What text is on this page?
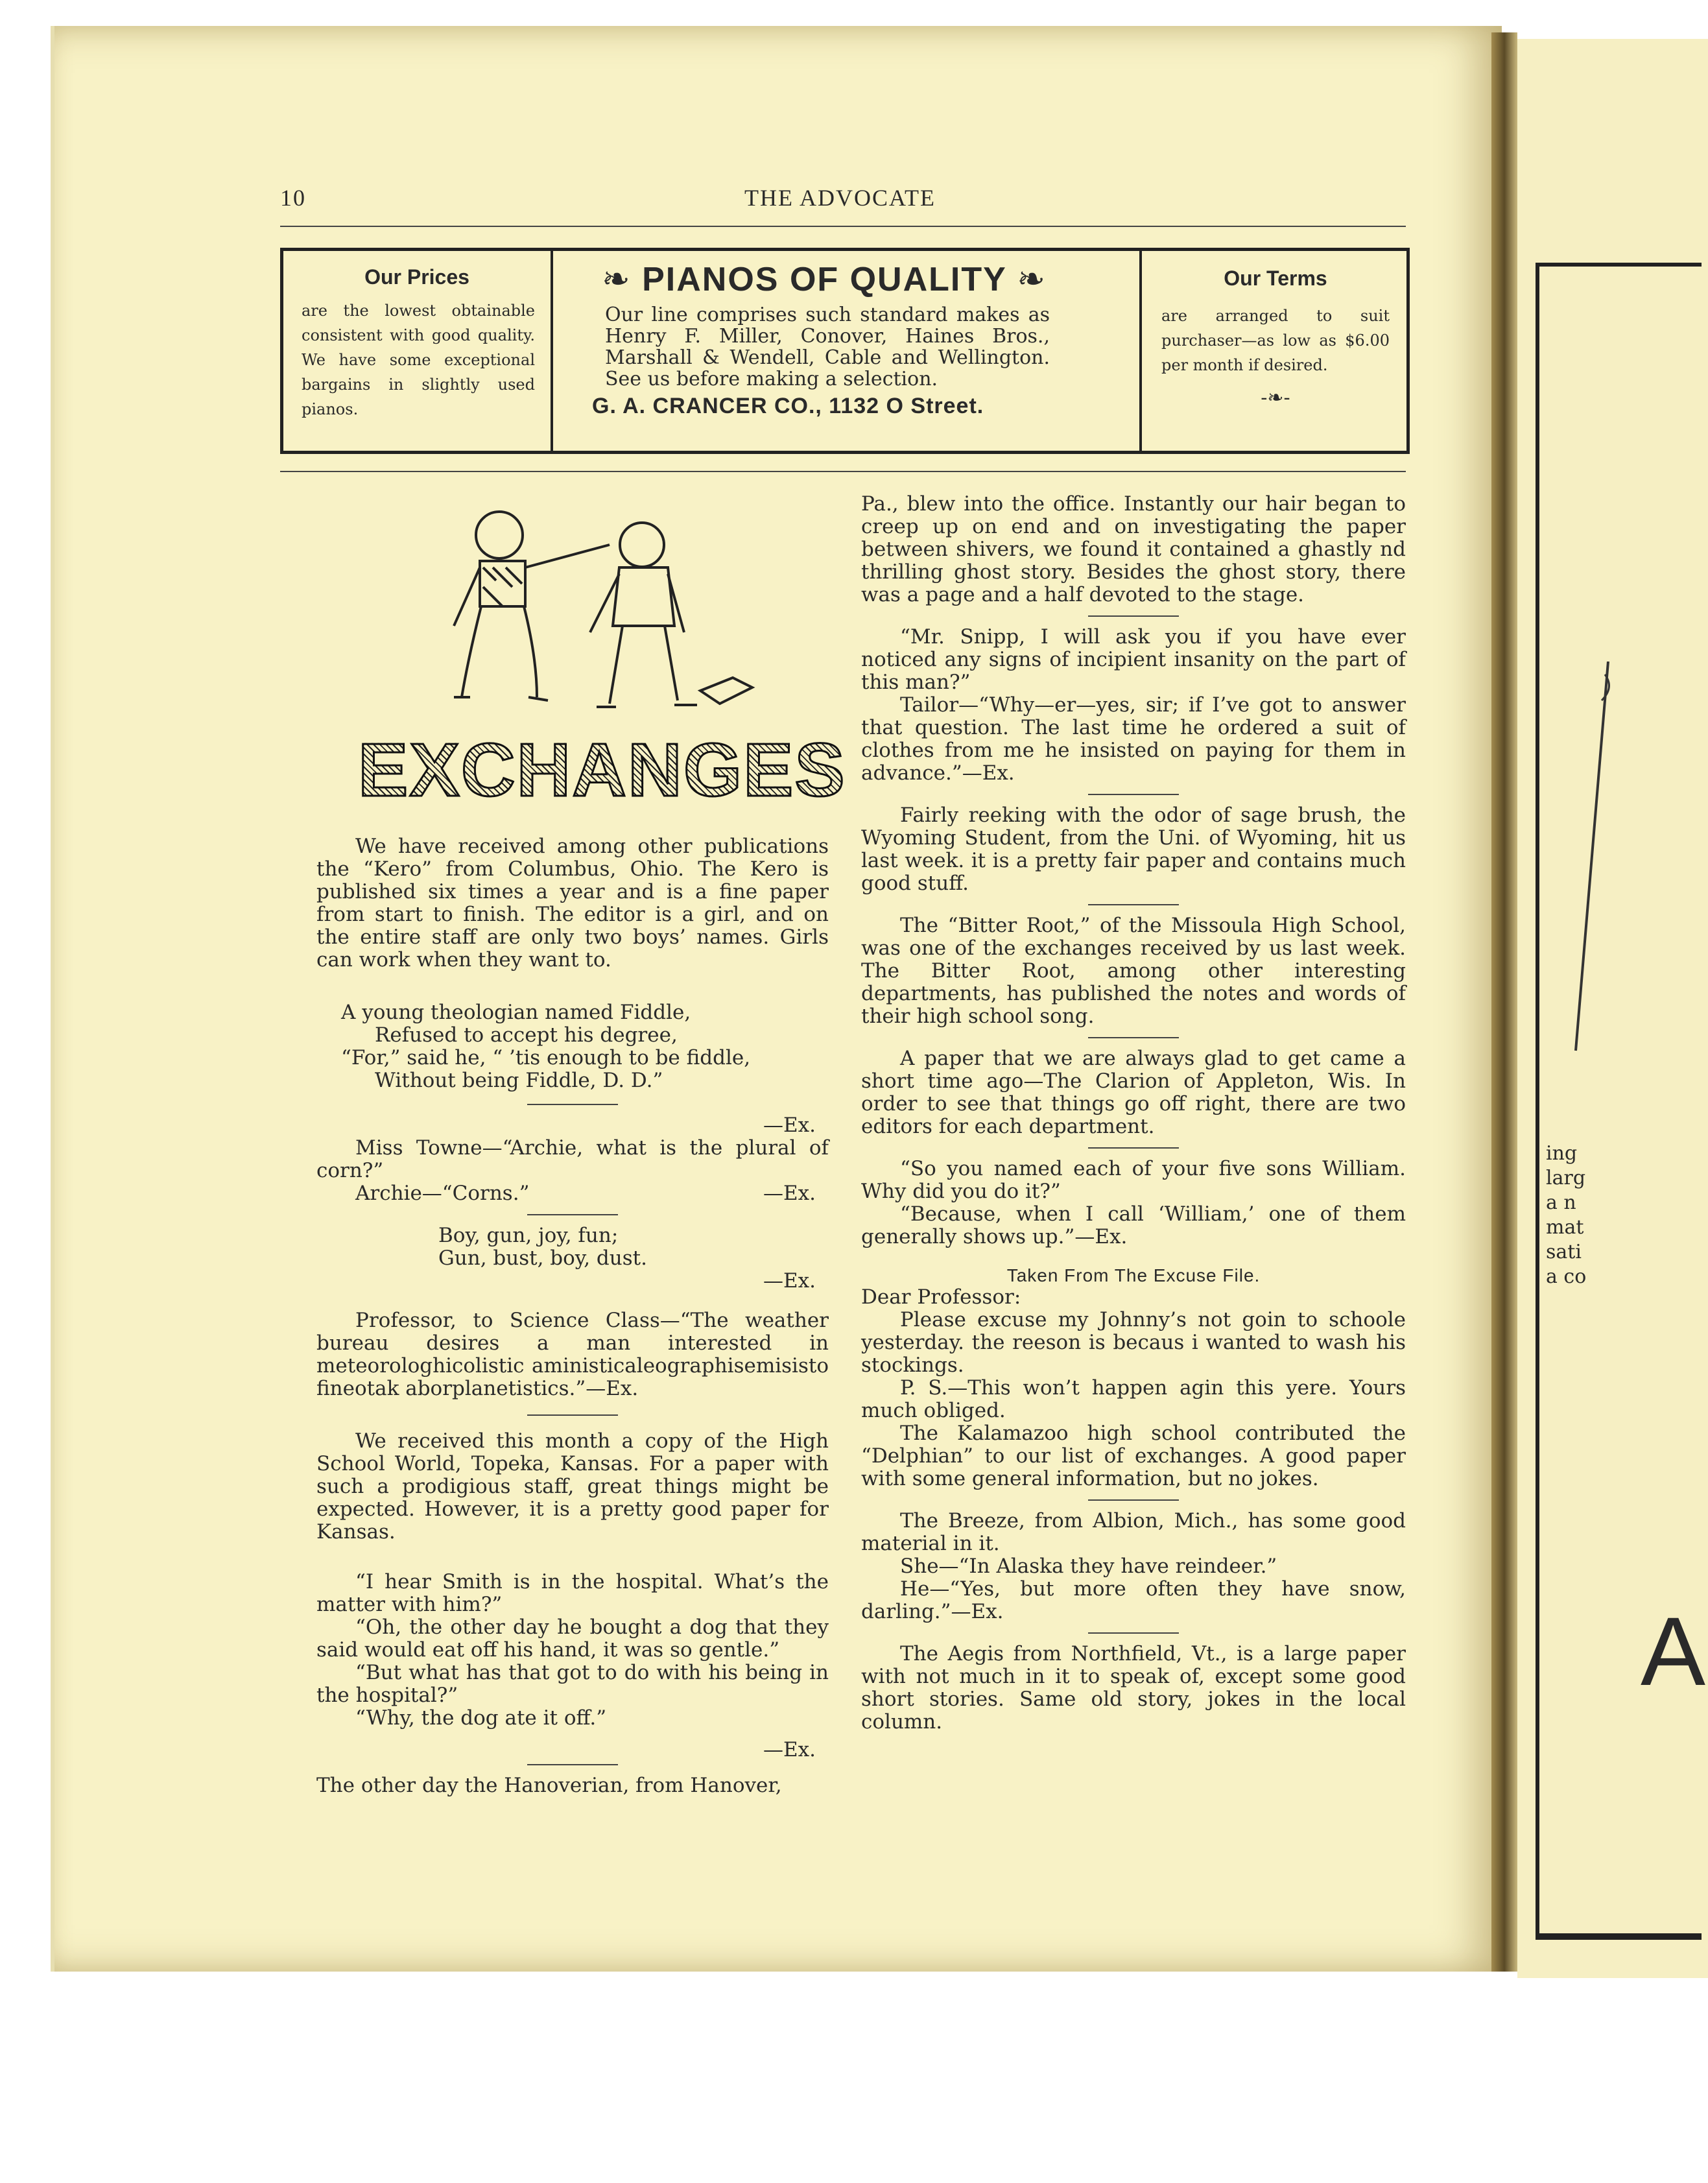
ing
larg
a n
mat
sati
a co
A
10	THE ADVOCATE
Our Prices
are the lowest obtainable consistent with good quality. We have some exceptional bargains in slightly used pianos.
❧ PIANOS OF QUALITY ❧
Our line comprises such standard makes as Henry F. Miller, Conover, Haines Bros., Marshall & Wendell, Cable and Wellington. See us before making a selection.
G. A. CRANCER CO., 1132 O Street.
Our Terms
are arranged to suit purchaser—as low as $6.00 per month if desired.
-❧-
EXCHANGES

We have received among other publications the “Kero” from Columbus, Ohio. The Kero is published six times a year and is a fine paper from start to finish. The editor is a girl, and on the entire staff are only two boys’ names. Girls can work when they want to.

A young theologian named Fiddle,
Refused to accept his degree,
“For,” said he, “ ’tis enough to be fiddle,
Without being Fiddle, D. D.”

—Ex.

Miss Towne—“Archie, what is the plural of corn?”

Archie—“Corns.”	—Ex.
Boy, gun, joy, fun;
Gun, bust, boy, dust.

—Ex.

Professor, to Science Class—“The weather bureau desires a man interested in meteorologhicolistic aministicaleographisemisisto fineotak aborplanetistics.”—Ex.

We received this month a copy of the High School World, Topeka, Kansas. For a paper with such a prodigious staff, great things might be expected. However, it is a pretty good paper for Kansas.

“I hear Smith is in the hospital. What’s the matter with him?”

“Oh, the other day he bought a dog that they said would eat off his hand, it was so gentle.”

“But what has that got to do with his being in the hospital?”

“Why, the dog ate it off.”

—Ex.

The other day the Hanoverian, from Hanover,

Pa., blew into the office. Instantly our hair began to creep up on end and on investigating the paper between shivers, we found it contained a ghastly nd thrilling ghost story. Besides the ghost story, there was a page and a half devoted to the stage.

“Mr. Snipp, I will ask you if you have ever noticed any signs of incipient insanity on the part of this man?”

Tailor—“Why—er—yes, sir; if I’ve got to answer that question. The last time he ordered a suit of clothes from me he insisted on paying for them in advance.”—Ex.

Fairly reeking with the odor of sage brush, the Wyoming Student, from the Uni. of Wyoming, hit us last week. it is a pretty fair paper and contains much good stuff.

The “Bitter Root,” of the Missoula High School, was one of the exchanges received by us last week. The Bitter Root, among other interesting departments, has published the notes and words of their high school song.

A paper that we are always glad to get came a short time ago—The Clarion of Appleton, Wis. In order to see that things go off right, there are two editors for each department.

“So you named each of your five sons William. Why did you do it?”

“Because, when I call ‘William,’ one of them generally shows up.”—Ex.

Taken From The Excuse File.

Dear Professor:

Please excuse my Johnny’s not goin to schoole yesterday. the reeson is becaus i wanted to wash his stockings.

P. S.—This won’t happen agin this yere. Yours much obliged.

The Kalamazoo high school contributed the “Delphian” to our list of exchanges. A good paper with some general information, but no jokes.

The Breeze, from Albion, Mich., has some good material in it.

She—“In Alaska they have reindeer.”

He—“Yes, but more often they have snow, darling.”—Ex.

The Aegis from Northfield, Vt., is a large paper with not much in it to speak of, except some good short stories. Same old story, jokes in the local column.
